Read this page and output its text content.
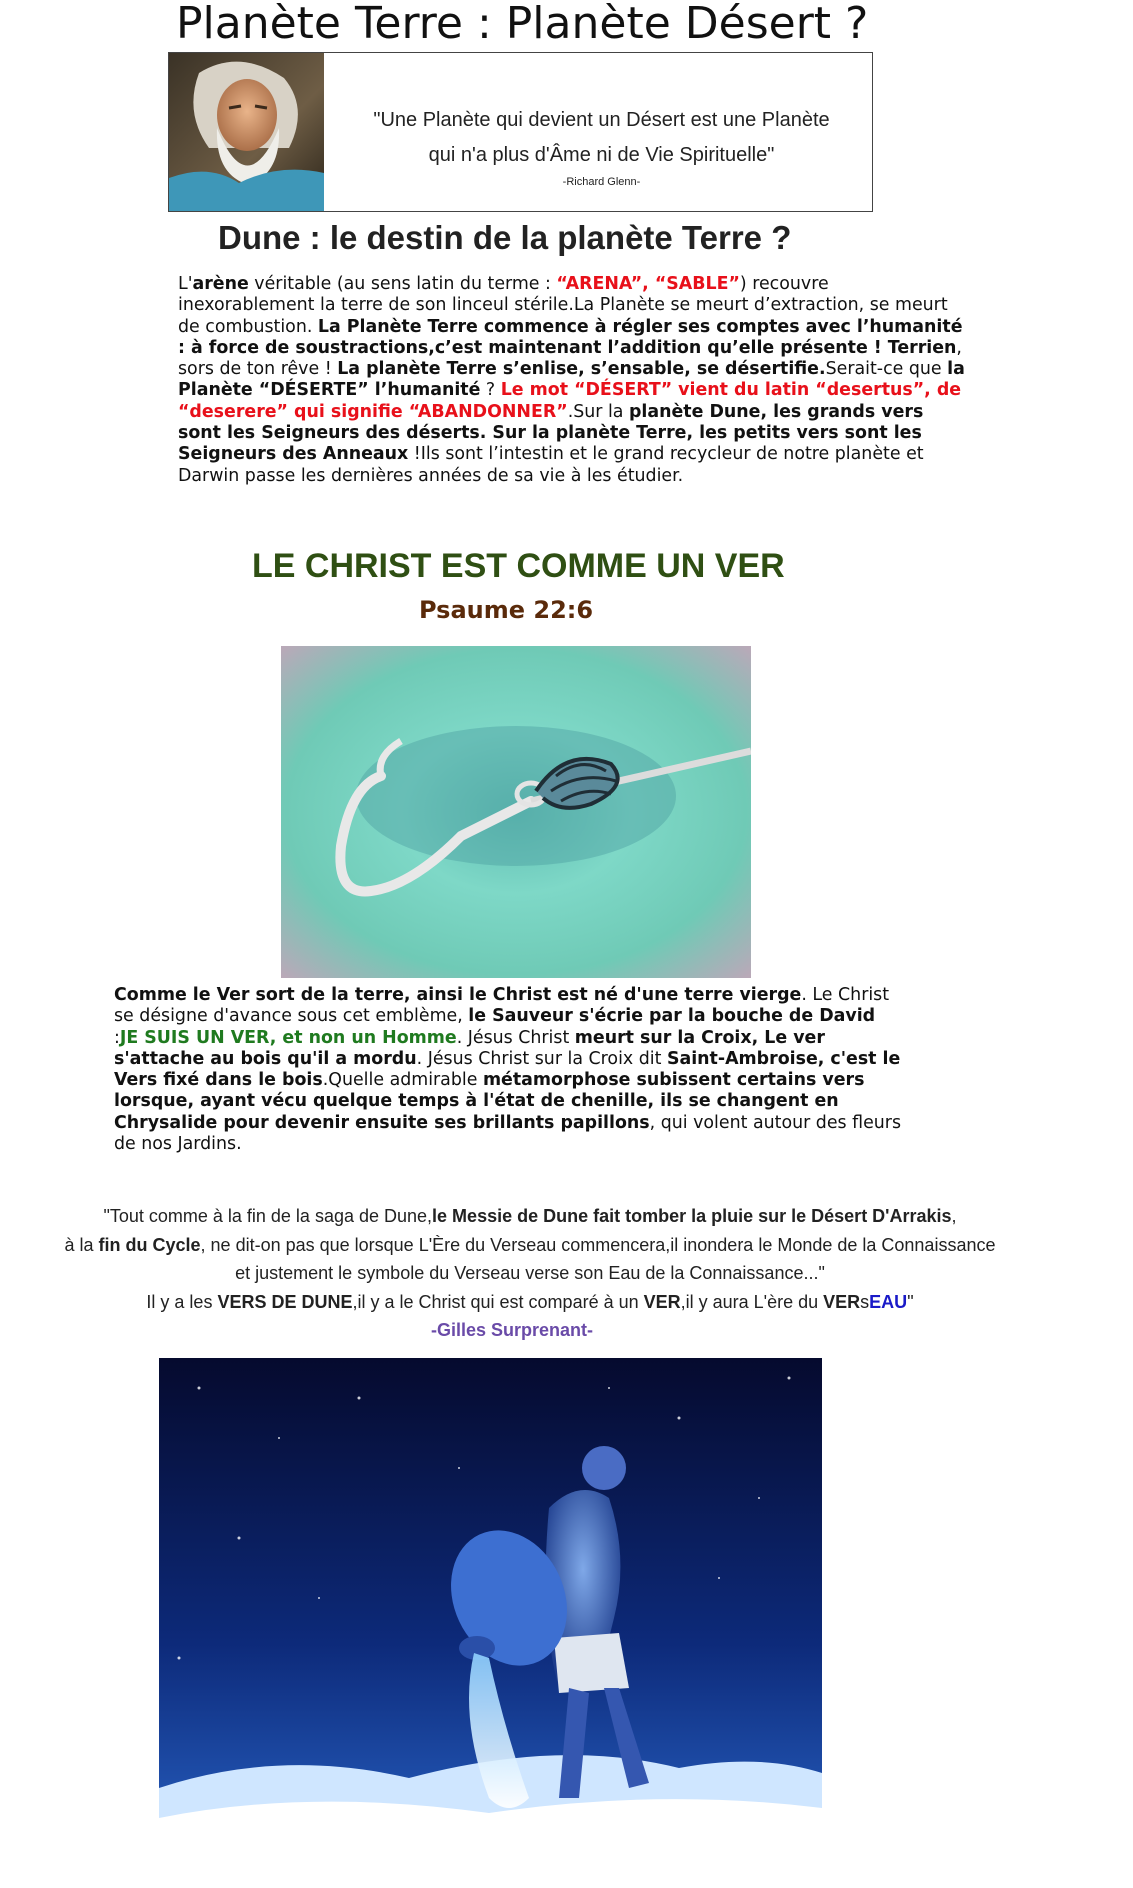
Planète Terre : Planète Désert ?
"Une Planète qui devient un Désert est une Planète
qui n'a plus d'Âme ni de Vie Spirituelle"
-Richard Glenn-
Dune : le destin de la planète Terre ?
L'arène véritable (au sens latin du terme : “ARENA”, “SABLE”) recouvre inexorablement la terre de son linceul stérile.La Planète se meurt d’extraction, se meurt de combustion. La Planète Terre commence à régler ses comptes avec l’humanité : à force de soustractions,c’est maintenant l’addition qu’elle présente ! Terrien, sors de ton rêve ! La planète Terre s’enlise, s’ensable, se désertifie.Serait-ce que la Planète “DÉSERTE” l’humanité ? Le mot “DÉSERT” vient du latin “desertus”, de “deserere” qui signifie “ABANDONNER”.Sur la planète Dune, les grands vers sont les Seigneurs des déserts. Sur la planète Terre, les petits vers sont les Seigneurs des Anneaux !Ils sont l’intestin et le grand recycleur de notre planète et Darwin passe les dernières années de sa vie à les étudier.
LE CHRIST EST COMME UN VER
Psaume 22:6
Comme le Ver sort de la terre, ainsi le Christ est né d'une terre vierge. Le Christ se désigne d'avance sous cet emblème, le Sauveur s'écrie par la bouche de David :JE SUIS UN VER, et non un Homme. Jésus Christ meurt sur la Croix, Le ver s'attache au bois qu'il a mordu. Jésus Christ sur la Croix dit Saint-Ambroise, c'est le Vers fixé dans le bois.Quelle admirable métamorphose subissent certains vers lorsque, ayant vécu quelque temps à l'état de chenille, ils se changent en Chrysalide pour devenir ensuite ses brillants papillons, qui volent autour des fleurs de nos Jardins.
"Tout comme à la fin de la saga de Dune,le Messie de Dune fait tomber la pluie sur le Désert D'Arrakis,
à la fin du Cycle, ne dit-on pas que lorsque L'Ère du Verseau commencera,il inondera le Monde de la Connaissance
et justement le symbole du Verseau verse son Eau de la Connaissance..."
Il y a les VERS DE DUNE,il y a le Christ qui est comparé à un VER,il y aura L'ère du VERsEAU"
-Gilles Surprenant-
